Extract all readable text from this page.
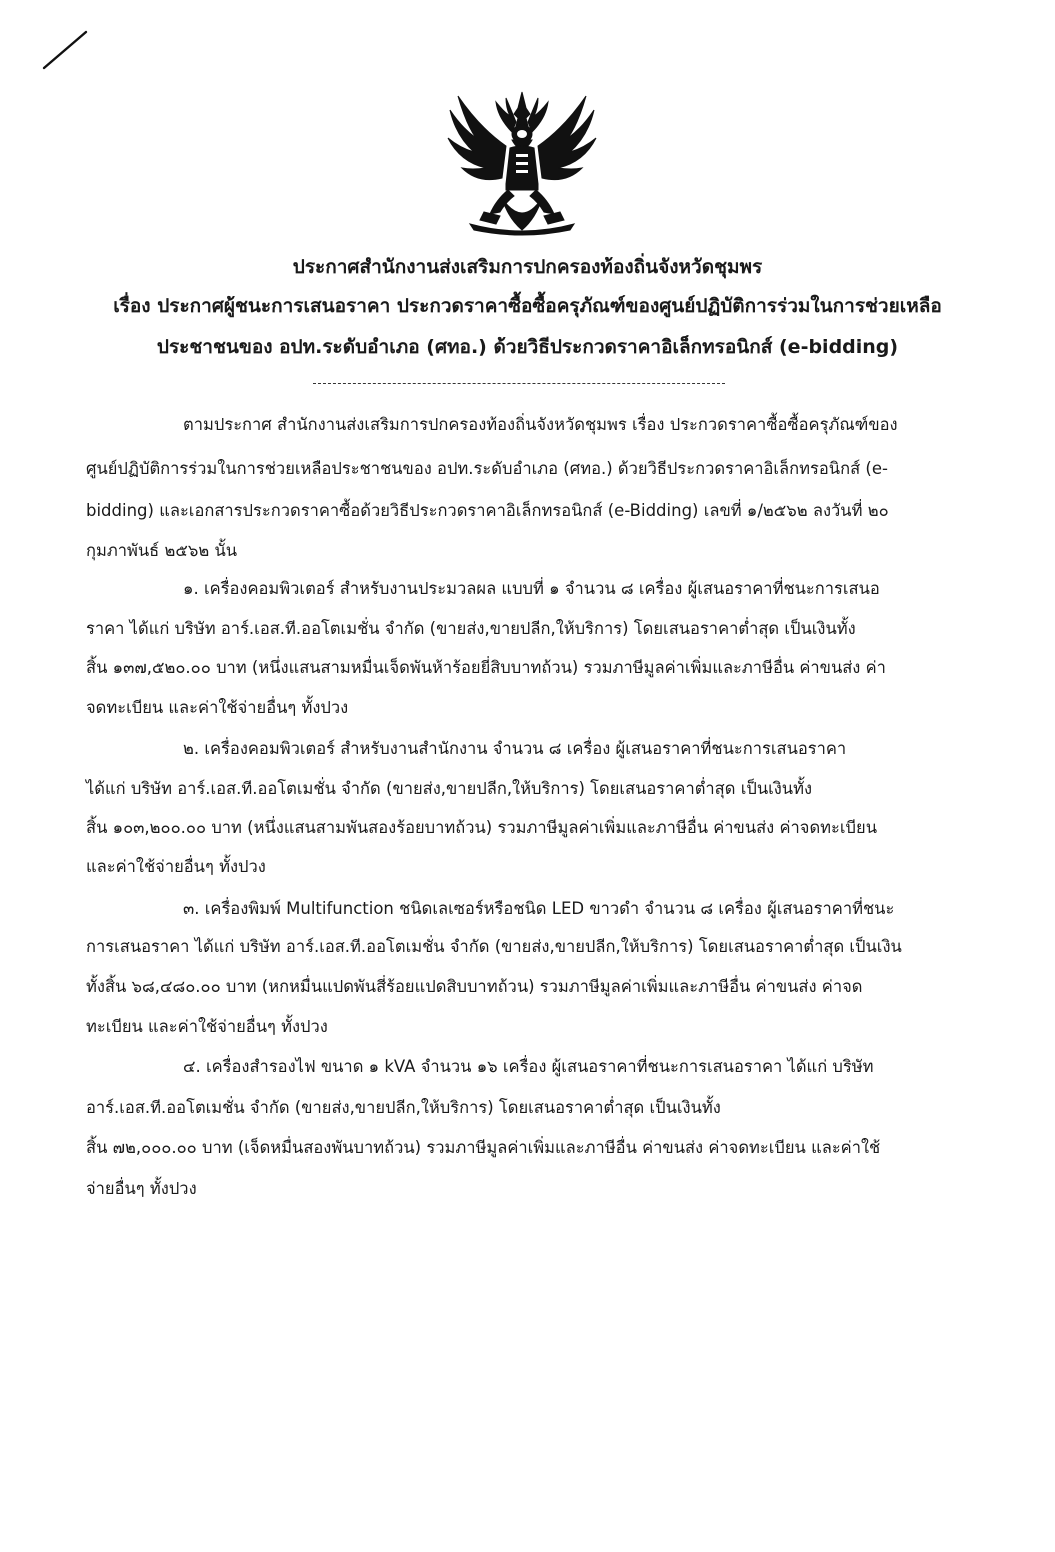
ประกาศสำนักงานส่งเสริมการปกครองท้องถิ่นจังหวัดชุมพร
เรื่อง ประกาศผู้ชนะการเสนอราคา ประกวดราคาซื้อซื้อครุภัณฑ์ของศูนย์ปฏิบัติการร่วมในการช่วยเหลือ
ประชาชนของ อปท.ระดับอำเภอ (ศทอ.) ด้วยวิธีประกวดราคาอิเล็กทรอนิกส์ (e-bidding)
ตามประกาศ สำนักงานส่งเสริมการปกครองท้องถิ่นจังหวัดชุมพร เรื่อง ประกวดราคาซื้อซื้อครุภัณฑ์ของ
ศูนย์ปฏิบัติการร่วมในการช่วยเหลือประชาชนของ อปท.ระดับอำเภอ (ศทอ.) ด้วยวิธีประกวดราคาอิเล็กทรอนิกส์ (e-
bidding) และเอกสารประกวดราคาซื้อด้วยวิธีประกวดราคาอิเล็กทรอนิกส์ (e-Bidding) เลขที่ ๑/๒๕๖๒ ลงวันที่ ๒๐
กุมภาพันธ์ ๒๕๖๒ นั้น
๑. เครื่องคอมพิวเตอร์ สำหรับงานประมวลผล แบบที่ ๑ จำนวน ๘ เครื่อง ผู้เสนอราคาที่ชนะการเสนอ
ราคา ได้แก่ บริษัท อาร์.เอส.ที.ออโตเมชั่น จำกัด (ขายส่ง,ขายปลีก,ให้บริการ) โดยเสนอราคาต่ำสุด เป็นเงินทั้ง
สิ้น ๑๓๗,๕๒๐.๐๐ บาท (หนึ่งแสนสามหมื่นเจ็ดพันห้าร้อยยี่สิบบาทถ้วน) รวมภาษีมูลค่าเพิ่มและภาษีอื่น ค่าขนส่ง ค่า
จดทะเบียน และค่าใช้จ่ายอื่นๆ ทั้งปวง
๒. เครื่องคอมพิวเตอร์ สำหรับงานสำนักงาน จำนวน ๘ เครื่อง ผู้เสนอราคาที่ชนะการเสนอราคา
ได้แก่ บริษัท อาร์.เอส.ที.ออโตเมชั่น จำกัด (ขายส่ง,ขายปลีก,ให้บริการ) โดยเสนอราคาต่ำสุด เป็นเงินทั้ง
สิ้น ๑๐๓,๒๐๐.๐๐ บาท (หนึ่งแสนสามพันสองร้อยบาทถ้วน) รวมภาษีมูลค่าเพิ่มและภาษีอื่น ค่าขนส่ง ค่าจดทะเบียน
และค่าใช้จ่ายอื่นๆ ทั้งปวง
๓. เครื่องพิมพ์ Multifunction ชนิดเลเซอร์หรือชนิด LED ขาวดำ จำนวน ๘ เครื่อง ผู้เสนอราคาที่ชนะ
การเสนอราคา ได้แก่ บริษัท อาร์.เอส.ที.ออโตเมชั่น จำกัด (ขายส่ง,ขายปลีก,ให้บริการ) โดยเสนอราคาต่ำสุด เป็นเงิน
ทั้งสิ้น ๖๘,๔๘๐.๐๐ บาท (หกหมื่นแปดพันสี่ร้อยแปดสิบบาทถ้วน) รวมภาษีมูลค่าเพิ่มและภาษีอื่น ค่าขนส่ง ค่าจด
ทะเบียน และค่าใช้จ่ายอื่นๆ ทั้งปวง
๔. เครื่องสำรองไฟ ขนาด ๑ kVA จำนวน ๑๖ เครื่อง ผู้เสนอราคาที่ชนะการเสนอราคา ได้แก่ บริษัท
อาร์.เอส.ที.ออโตเมชั่น จำกัด (ขายส่ง,ขายปลีก,ให้บริการ) โดยเสนอราคาต่ำสุด เป็นเงินทั้ง
สิ้น ๗๒,๐๐๐.๐๐ บาท (เจ็ดหมื่นสองพันบาทถ้วน) รวมภาษีมูลค่าเพิ่มและภาษีอื่น ค่าขนส่ง ค่าจดทะเบียน และค่าใช้
จ่ายอื่นๆ ทั้งปวง
